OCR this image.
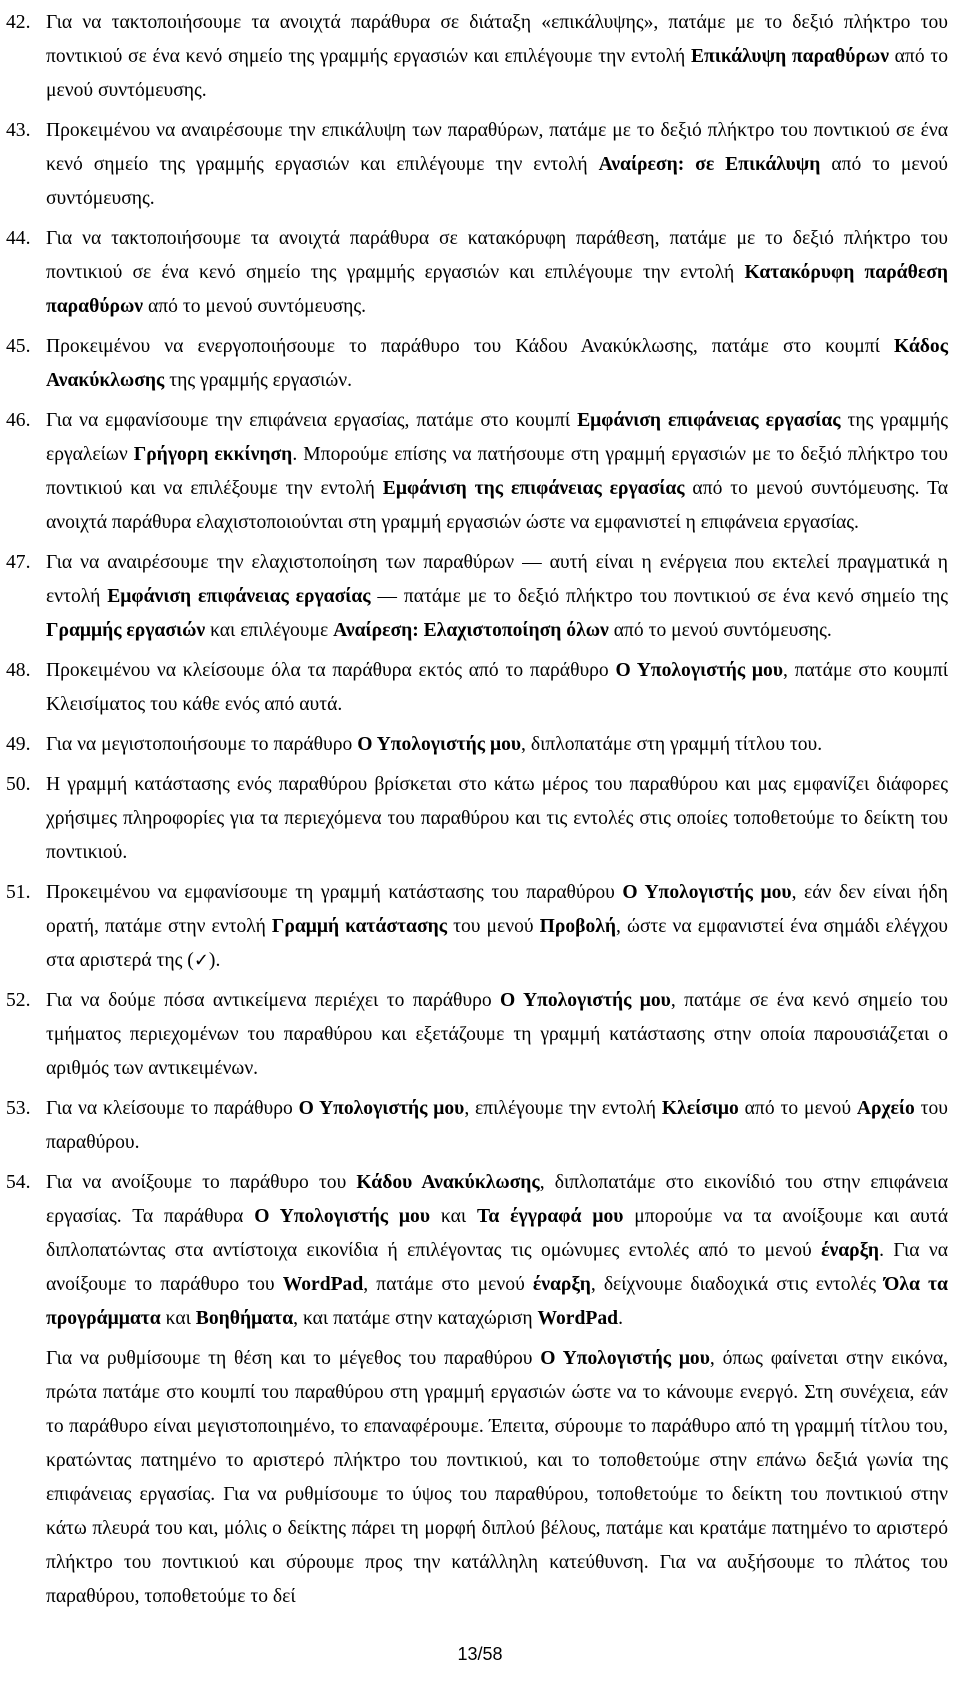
42. Για να τακτοποιήσουμε τα ανοιχτά παράθυρα σε διάταξη «επικάλυψης», πατάμε με το δεξιό πλήκτρο του ποντικιού σε ένα κενό σημείο της γραμμής εργασιών και επιλέγουμε την εντολή Επικάλυψη παραθύρων από το μενού συντόμευσης.
43. Προκειμένου να αναιρέσουμε την επικάλυψη των παραθύρων, πατάμε με το δεξιό πλήκτρο του ποντικιού σε ένα κενό σημείο της γραμμής εργασιών και επιλέγουμε την εντολή Αναίρεση: σε Επικάλυψη από το μενού συντόμευσης.
44. Για να τακτοποιήσουμε τα ανοιχτά παράθυρα σε κατακόρυφη παράθεση, πατάμε με το δεξιό πλήκτρο του ποντικιού σε ένα κενό σημείο της γραμμής εργασιών και επιλέγουμε την εντολή Κατακόρυφη παράθεση παραθύρων από το μενού συντόμευσης.
45. Προκειμένου να ενεργοποιήσουμε το παράθυρο του Κάδου Ανακύκλωσης, πατάμε στο κουμπί Κάδος Ανακύκλωσης της γραμμής εργασιών.
46. Για να εμφανίσουμε την επιφάνεια εργασίας, πατάμε στο κουμπί Εμφάνιση επιφάνειας εργασίας της γραμμής εργαλείων Γρήγορη εκκίνηση. Μπορούμε επίσης να πατήσουμε στη γραμμή εργασιών με το δεξιό πλήκτρο του ποντικιού και να επιλέξουμε την εντολή Εμφάνιση της επιφάνειας εργασίας από το μενού συντόμευσης. Τα ανοιχτά παράθυρα ελαχιστοποιούνται στη γραμμή εργασιών ώστε να εμφανιστεί η επιφάνεια εργασίας.
47. Για να αναιρέσουμε την ελαχιστοποίηση των παραθύρων — αυτή είναι η ενέργεια που εκτελεί πραγματικά η εντολή Εμφάνιση επιφάνειας εργασίας — πατάμε με το δεξιό πλήκτρο του ποντικιού σε ένα κενό σημείο της Γραμμής εργασιών και επιλέγουμε Αναίρεση: Ελαχιστοποίηση όλων από το μενού συντόμευσης.
48. Προκειμένου να κλείσουμε όλα τα παράθυρα εκτός από το παράθυρο Ο Υπολογιστής μου, πατάμε στο κουμπί Κλεισίματος του κάθε ενός από αυτά.
49. Για να μεγιστοποιήσουμε το παράθυρο Ο Υπολογιστής μου, διπλοπατάμε στη γραμμή τίτλου του.
50. Η γραμμή κατάστασης ενός παραθύρου βρίσκεται στο κάτω μέρος του παραθύρου και μας εμφανίζει διάφορες χρήσιμες πληροφορίες για τα περιεχόμενα του παραθύρου και τις εντολές στις οποίες τοποθετούμε το δείκτη του ποντικιού.
51. Προκειμένου να εμφανίσουμε τη γραμμή κατάστασης του παραθύρου Ο Υπολογιστής μου, εάν δεν είναι ήδη ορατή, πατάμε στην εντολή Γραμμή κατάστασης του μενού Προβολή, ώστε να εμφανιστεί ένα σημάδι ελέγχου στα αριστερά της (✓).
52. Για να δούμε πόσα αντικείμενα περιέχει το παράθυρο Ο Υπολογιστής μου, πατάμε σε ένα κενό σημείο του τμήματος περιεχομένων του παραθύρου και εξετάζουμε τη γραμμή κατάστασης στην οποία παρουσιάζεται ο αριθμός των αντικειμένων.
53. Για να κλείσουμε το παράθυρο Ο Υπολογιστής μου, επιλέγουμε την εντολή Κλείσιμο από το μενού Αρχείο του παραθύρου.
54. Για να ανοίξουμε το παράθυρο του Κάδου Ανακύκλωσης, διπλοπατάμε στο εικονίδιό του στην επιφάνεια εργασίας. Τα παράθυρα Ο Υπολογιστής μου και Τα έγγραφά μου μπορούμε να τα ανοίξουμε και αυτά διπλοπατώντας στα αντίστοιχα εικονίδια ή επιλέγοντας τις ομώνυμες εντολές από το μενού έναρξη. Για να ανοίξουμε το παράθυρο του WordPad, πατάμε στο μενού έναρξη, δείχνουμε διαδοχικά στις εντολές Όλα τα προγράμματα και Βοηθήματα, και πατάμε στην καταχώριση WordPad.
Για να ρυθμίσουμε τη θέση και το μέγεθος του παραθύρου Ο Υπολογιστής μου, όπως φαίνεται στην εικόνα, πρώτα πατάμε στο κουμπί του παραθύρου στη γραμμή εργασιών ώστε να το κάνουμε ενεργό. Στη συνέχεια, εάν το παράθυρο είναι μεγιστοποιημένο, το επαναφέρουμε. Έπειτα, σύρουμε το παράθυρο από τη γραμμή τίτλου του, κρατώντας πατημένο το αριστερό πλήκτρο του ποντικιού, και το τοποθετούμε στην επάνω δεξιά γωνία της επιφάνειας εργασίας. Για να ρυθμίσουμε το ύψος του παραθύρου, τοποθετούμε το δείκτη του ποντικιού στην κάτω πλευρά του και, μόλις ο δείκτης πάρει τη μορφή διπλού βέλους, πατάμε και κρατάμε πατημένο το αριστερό πλήκτρο του ποντικιού και σύρουμε προς την κατάλληλη κατεύθυνση. Για να αυξήσουμε το πλάτος του παραθύρου, τοποθετούμε το δεί
13/58
